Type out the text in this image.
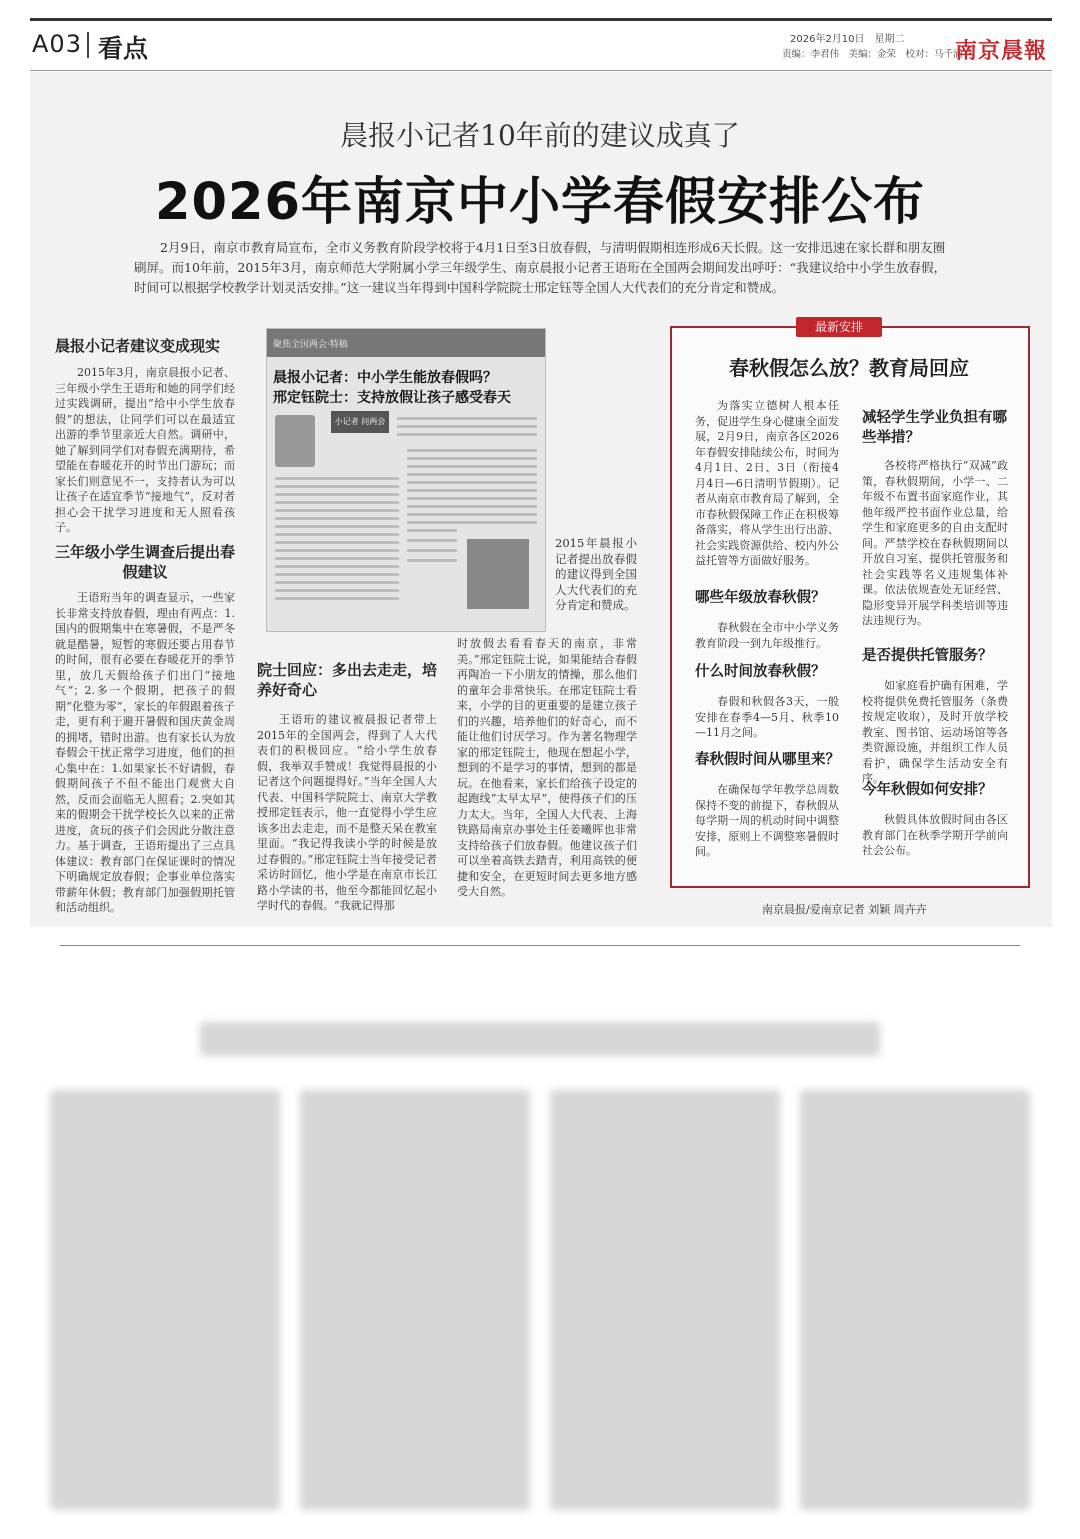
A03 看点	2026年2月10日　星期二
责编：李君伟　美编：金荣　校对：马千涌
南京晨報
晨报小记者10年前的建议成真了
2026年南京中小学春假安排公布

2月9日，南京市教育局宣布，全市义务教育阶段学校将于4月1日至3日放春假，与清明假期相连形成6天长假。这一安排迅速在家长群和朋友圈刷屏。而10年前，2015年3月，南京师范大学附属小学三年级学生、南京晨报小记者王语珩在全国两会期间发出呼吁：“我建议给中小学生放春假，时间可以根据学校教学计划灵活安排。”这一建议当年得到中国科学院院士邢定钰等全国人大代表们的充分肯定和赞成。

晨报小记者建议变成现实

2015年3月，南京晨报小记者、三年级小学生王语珩和她的同学们经过实践调研，提出“给中小学生放春假”的想法，让同学们可以在最适宜出游的季节里亲近大自然。调研中，她了解到同学们对春假充满期待，希望能在春暖花开的时节出门游玩；而家长们则意见不一，支持者认为可以让孩子在适宜季节“接地气”，反对者担心会干扰学习进度和无人照看孩子。

三年级小学生调查后提出春假建议

王语珩当年的调查显示，一些家长非常支持放春假，理由有两点：1.国内的假期集中在寒暑假，不是严冬就是酷暑，短暂的寒假还要占用春节的时间，很有必要在春暖花开的季节里，放几天假给孩子们出门“接地气”；2.多一个假期，把孩子的假期“化整为零”，家长的年假跟着孩子走，更有利于避开暑假和国庆黄金周的拥堵，错时出游。也有家长认为放春假会干扰正常学习进度，他们的担心集中在：1.如果家长不好请假，春假期间孩子不但不能出门观赏大自然，反而会面临无人照看；2.突如其来的假期会干扰学校长久以来的正常进度，贪玩的孩子们会因此分散注意力。基于调查，王语珩提出了三点具体建议：教育部门在保证课时的情况下明确规定放春假；企事业单位落实带薪年休假；教育部门加强假期托管和活动组织。

聚焦全国两会·特稿
晨报小记者：中小学生能放春假吗？
邢定钰院士：支持放假让孩子感受春天
小记者 问两会
2015年晨报小记者提出放春假的建议得到全国人大代表们的充分肯定和赞成。
院士回应：多出去走走，培养好奇心

王语珩的建议被晨报记者带上2015年的全国两会，得到了人大代表们的积极回应。“给小学生放春假，我举双手赞成！我觉得晨报的小记者这个问题提得好。”当年全国人大代表、中国科学院院士、南京大学教授邢定钰表示，他一直觉得小学生应该多出去走走，而不是整天呆在教室里面。“我记得我读小学的时候是放过春假的。”邢定钰院士当年接受记者采访时回忆，他小学是在南京市长江路小学读的书，他至今都能回忆起小学时代的春假。“我就记得那

时放假去看看春天的南京，非常美。”邢定钰院士说，如果能结合春假再陶冶一下小朋友的情操，那么他们的童年会非常快乐。在邢定钰院士看来，小学的目的更重要的是建立孩子们的兴趣，培养他们的好奇心，而不能让他们讨厌学习。作为著名物理学家的邢定钰院士，他现在想起小学，想到的不是学习的事情，想到的都是玩。在他看来，家长们给孩子设定的起跑线“太早太早”，使得孩子们的压力太大。当年，全国人大代表、上海铁路局南京办事处主任姜曦晖也非常支持给孩子们放春假。他建议孩子们可以坐着高铁去踏青，利用高铁的便捷和安全，在更短时间去更多地方感受大自然。

最新安排
春秋假怎么放？教育局回应

为落实立德树人根本任务，促进学生身心健康全面发展，2月9日，南京各区2026年春假安排陆续公布，时间为4月1日、2日、3日（衔接4月4日—6日清明节假期）。记者从南京市教育局了解到，全市春秋假保障工作正在积极筹备落实，将从学生出行出游、社会实践资源供给、校内外公益托管等方面做好服务。

哪些年级放春秋假？

春秋假在全市中小学义务教育阶段一到九年级推行。

什么时间放春秋假？

春假和秋假各3天，一般安排在春季4—5月、秋季10—11月之间。

春秋假时间从哪里来？

在确保每学年教学总周数保持不变的前提下，春秋假从每学期一周的机动时间中调整安排，原则上不调整寒暑假时间。

减轻学生学业负担有哪些举措？

各校将严格执行“双减”政策，春秋假期间，小学一、二年级不布置书面家庭作业，其他年级严控书面作业总量，给学生和家庭更多的自由支配时间。严禁学校在春秋假期间以开放自习室、提供托管服务和社会实践等名义违规集体补课。依法依规查处无证经营、隐形变异开展学科类培训等违法违规行为。

是否提供托管服务？

如家庭看护确有困难，学校将提供免费托管服务（条费按规定收取），及时开放学校教室、图书馆、运动场馆等各类资源设施，并组织工作人员看护，确保学生活动安全有序。

今年秋假如何安排？

秋假具体放假时间由各区教育部门在秋季学期开学前向社会公布。

南京晨报/爱南京记者 刘颖 周卉卉
